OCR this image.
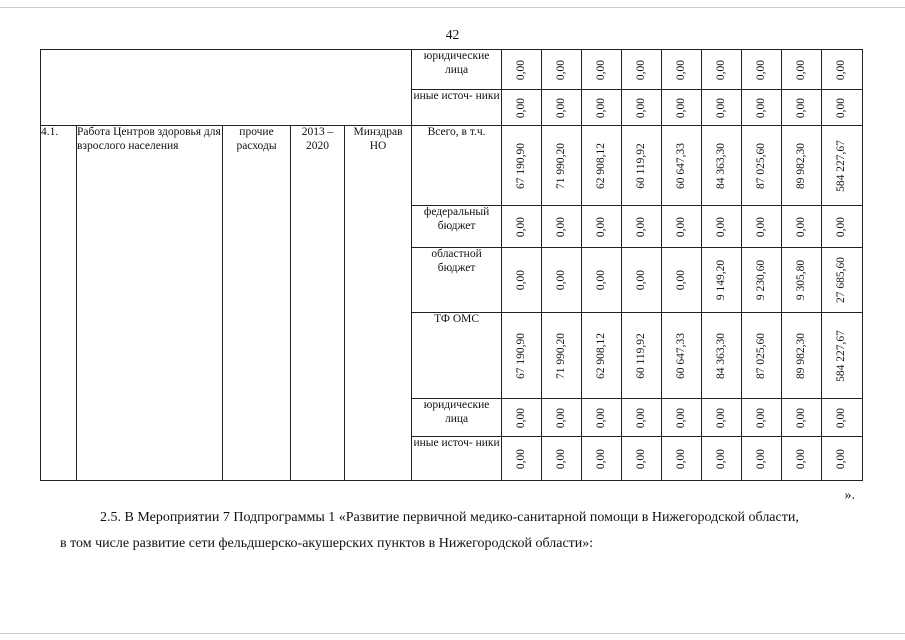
42
					юридические лица	0,00	0,00	0,00	0,00	0,00	0,00	0,00	0,00	0,00

					иные источ- ники	0,00	0,00	0,00	0,00	0,00	0,00	0,00	0,00	0,00

4.1.	Работа Центров здоровья для взрослого населения	прочие расходы	2013 – 2020	Минздрав НО	Всего, в т.ч.	67 190,90	71 990,20	62 908,12	60 119,92	60 647,33	84 363,30	87 025,60	89 982,30	584 227,67

					федеральный бюджет	0,00	0,00	0,00	0,00	0,00	0,00	0,00	0,00	0,00

					областной бюджет	0,00	0,00	0,00	0,00	0,00	9 149,20	9 230,60	9 305,80	27 685,60

					ТФ ОМС	67 190,90	71 990,20	62 908,12	60 119,92	60 647,33	84 363,30	87 025,60	89 982,30	584 227,67

					юридические лица	0,00	0,00	0,00	0,00	0,00	0,00	0,00	0,00	0,00

					иные источ- ники	0,00	0,00	0,00	0,00	0,00	0,00	0,00	0,00	0,00
».
2.5. В Мероприятии 7 Подпрограммы 1 «Развитие первичной медико-санитарной помощи в Нижегородской области,
в том числе развитие сети фельдшерско-акушерских пунктов в Нижегородской области»:
